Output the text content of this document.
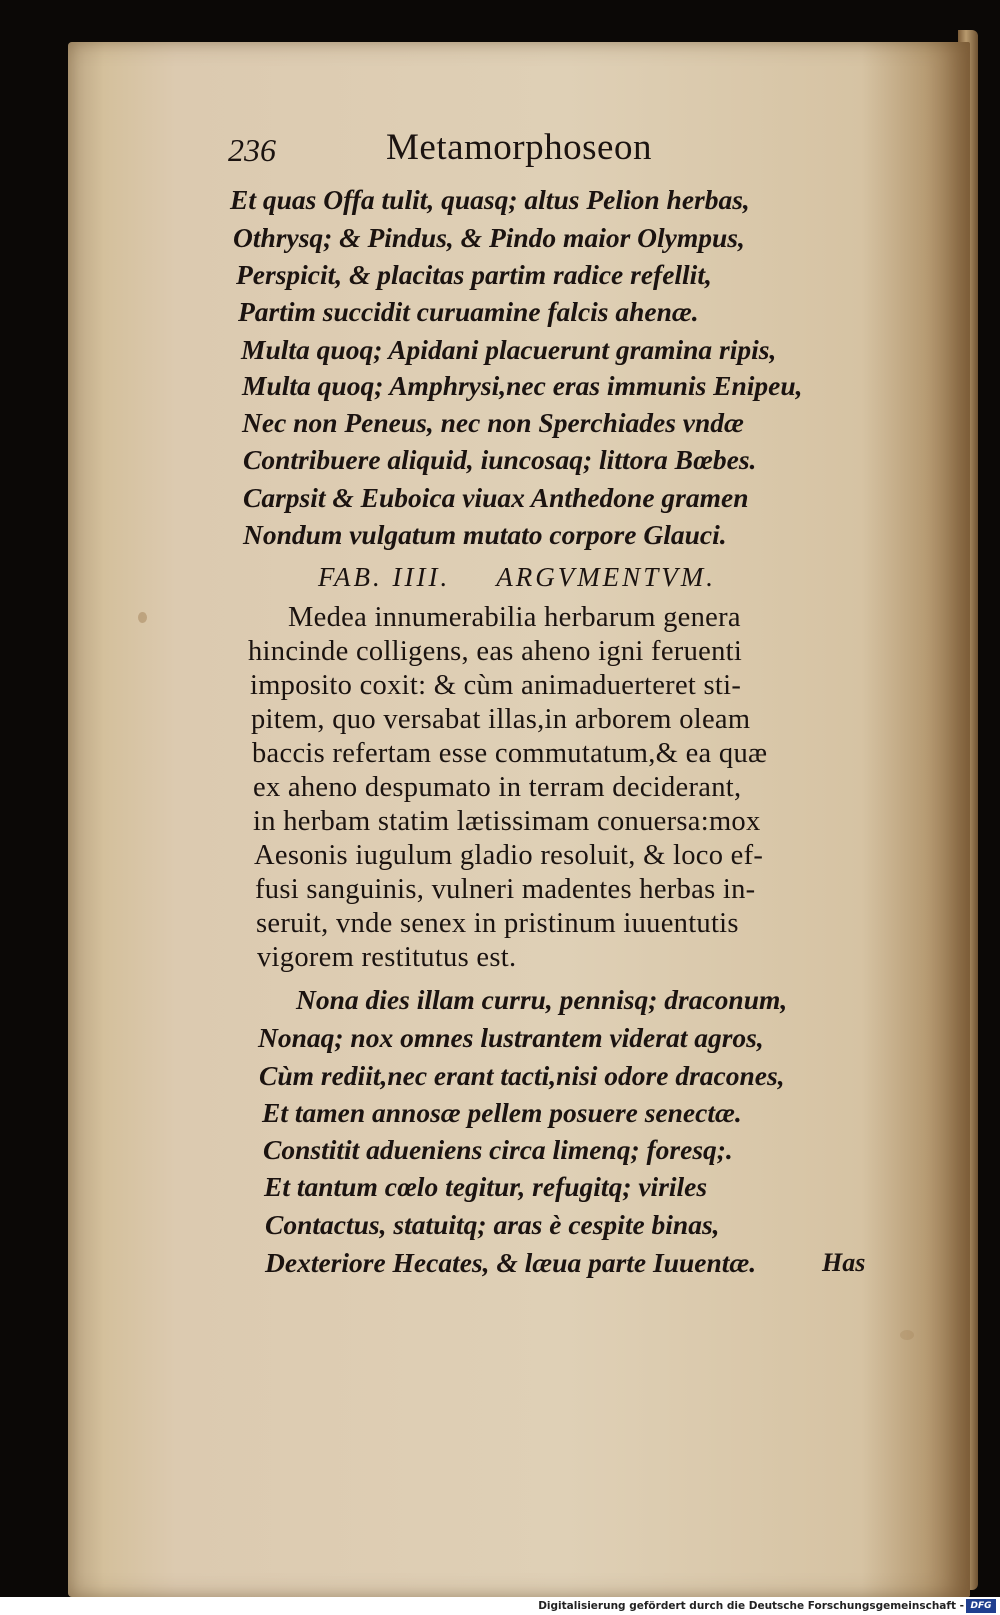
236	Metamorphoseon
Et quas Offa tulit, quasq; altus Pelion herbas,
Othrysq; & Pindus, & Pindo maior Olympus,
Perspicit, & placitas partim radice refellit,
Partim succidit curuamine falcis ahenæ.
Multa quoq; Apidani placuerunt gramina ripis,
Multa quoq; Amphrysi,nec eras immunis Enipeu,
Nec non Peneus, nec non Sperchiades vndæ
Contribuere aliquid, iuncosaq; littora Bœbes.
Carpsit & Euboica viuax Anthedone gramen
Nondum vulgatum mutato corpore Glauci.
FAB. IIII. ARGVMENTVM.
Medea innumerabilia herbarum genera
hincinde colligens, eas aheno igni feruenti
imposito coxit: & cùm animaduerteret sti-
pitem, quo versabat illas,in arborem oleam
baccis refertam esse commutatum,& ea quæ
ex aheno despumato in terram deciderant,
in herbam statim lætissimam conuersa:mox
Aesonis iugulum gladio resoluit, & loco ef-
fusi sanguinis, vulneri madentes herbas in-
seruit, vnde senex in pristinum iuuentutis
vigorem restitutus est.
Nona dies illam curru, pennisq; draconum,
Nonaq; nox omnes lustrantem viderat agros,
Cùm rediit,nec erant tacti,nisi odore dracones,
Et tamen annosæ pellem posuere senectæ.
Constitit adueniens circa limenq; foresq;.
Et tantum cœlo tegitur, refugitq; viriles
Contactus, statuitq; aras è cespite binas,
Dexteriore Hecates, & læua parte Iuuentæ.	Has
Digitalisierung gefördert durch die Deutsche Forschungsgemeinschaft - DFG
